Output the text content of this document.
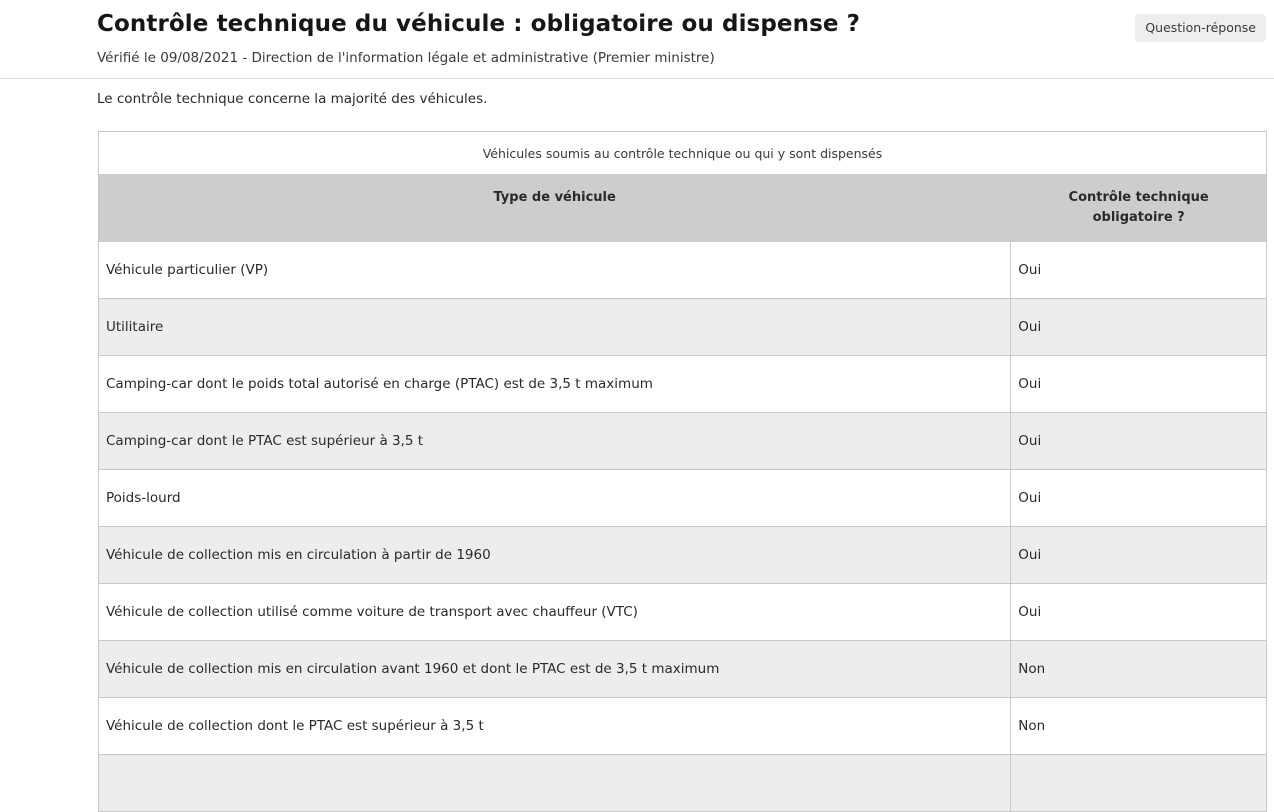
Contrôle technique du véhicule : obligatoire ou dispense ?
Vérifié le 09/08/2021 - Direction de l'information légale et administrative (Premier ministre)
Question-réponse

Le contrôle technique concerne la majorité des véhicules.

Véhicules soumis au contrôle technique ou qui y sont dispensés
Type de véhicule	Contrôle technique obligatoire ?
Véhicule particulier (VP)	Oui
Utilitaire	Oui
Camping-car dont le poids total autorisé en charge (PTAC) est de 3,5 t maximum	Oui
Camping-car dont le PTAC est supérieur à 3,5 t	Oui
Poids-lourd	Oui
Véhicule de collection mis en circulation à partir de 1960	Oui
Véhicule de collection utilisé comme voiture de transport avec chauffeur (VTC)	Oui
Véhicule de collection mis en circulation avant 1960 et dont le PTAC est de 3,5 t maximum	Non
Véhicule de collection dont le PTAC est supérieur à 3,5 t	Non
